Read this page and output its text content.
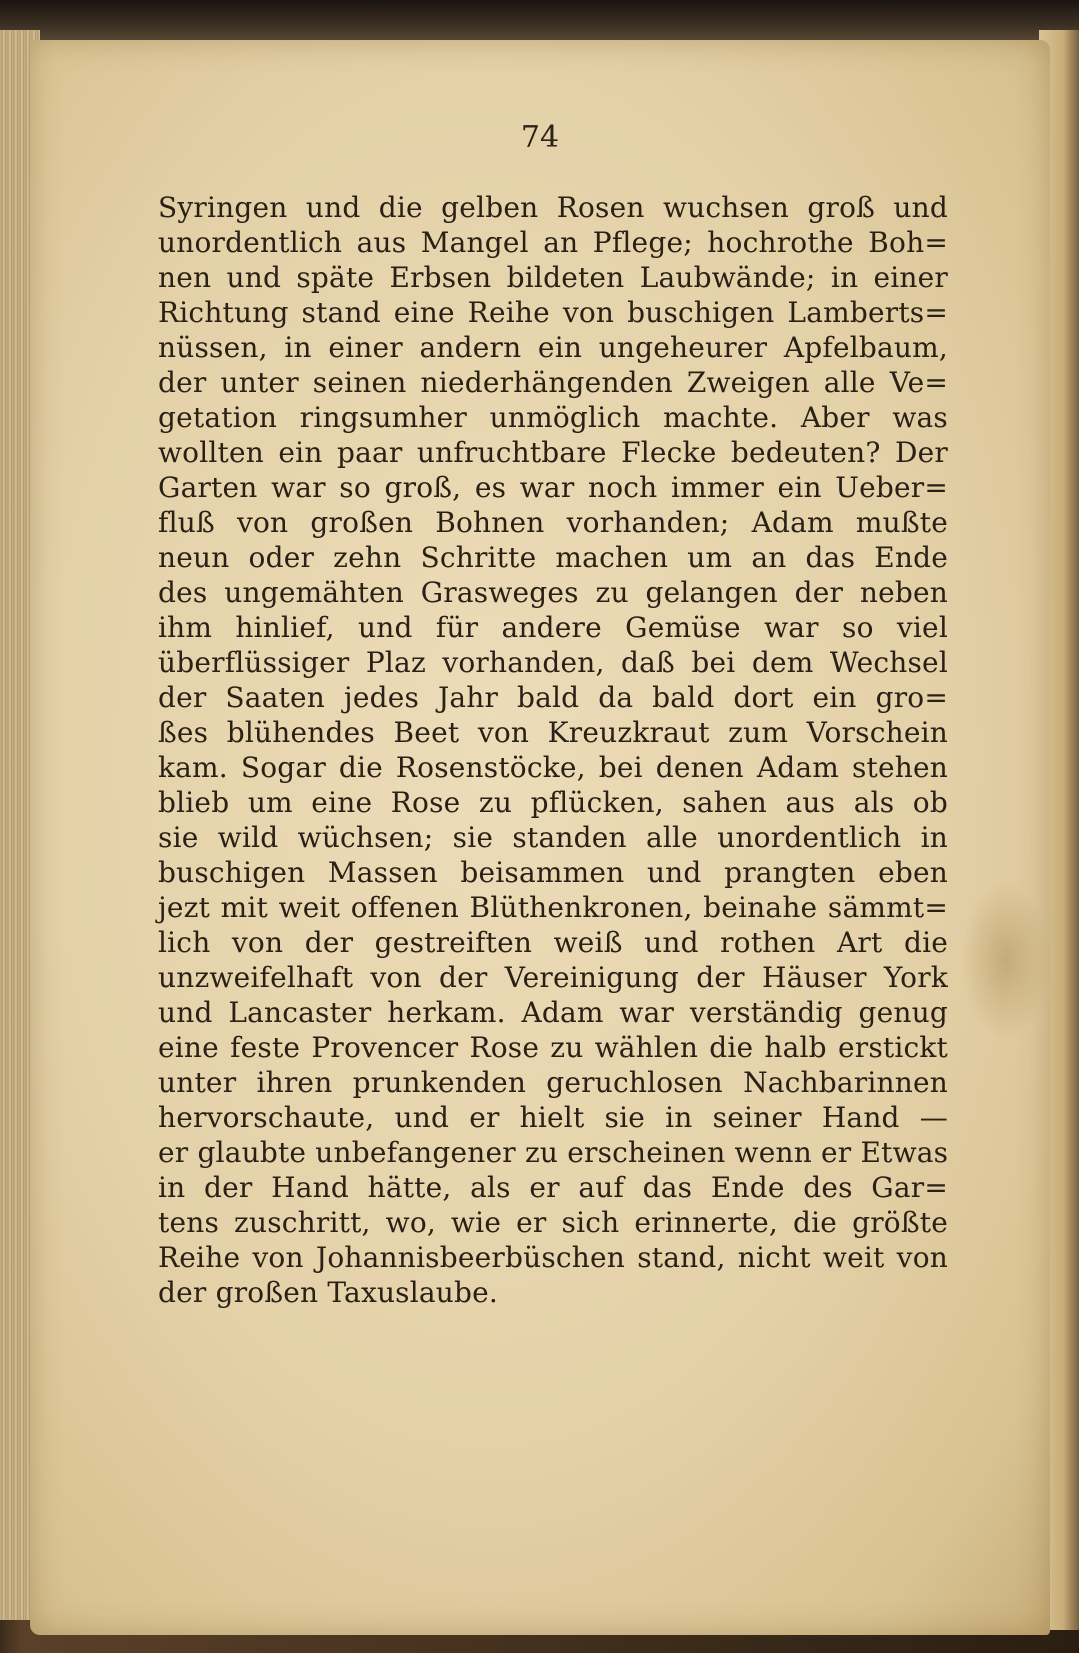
74
Syringen und die gelben Rosen wuchsen groß und
unordentlich aus Mangel an Pflege; hochrothe Boh=
nen und späte Erbsen bildeten Laubwände; in einer
Richtung stand eine Reihe von buschigen Lamberts=
nüssen, in einer andern ein ungeheurer Apfelbaum,
der unter seinen niederhängenden Zweigen alle Ve=
getation ringsumher unmöglich machte. Aber was
wollten ein paar unfruchtbare Flecke bedeuten? Der
Garten war so groß, es war noch immer ein Ueber=
fluß von großen Bohnen vorhanden; Adam mußte
neun oder zehn Schritte machen um an das Ende
des ungemähten Grasweges zu gelangen der neben
ihm hinlief, und für andere Gemüse war so viel
überflüssiger Plaz vorhanden, daß bei dem Wechsel
der Saaten jedes Jahr bald da bald dort ein gro=
ßes blühendes Beet von Kreuzkraut zum Vorschein
kam. Sogar die Rosenstöcke, bei denen Adam stehen
blieb um eine Rose zu pflücken, sahen aus als ob
sie wild wüchsen; sie standen alle unordentlich in
buschigen Massen beisammen und prangten eben
jezt mit weit offenen Blüthenkronen, beinahe sämmt=
lich von der gestreiften weiß und rothen Art die
unzweifelhaft von der Vereinigung der Häuser York
und Lancaster herkam. Adam war verständig genug
eine feste Provencer Rose zu wählen die halb erstickt
unter ihren prunkenden geruchlosen Nachbarinnen
hervorschaute, und er hielt sie in seiner Hand —
er glaubte unbefangener zu erscheinen wenn er Etwas
in der Hand hätte, als er auf das Ende des Gar=
tens zuschritt, wo, wie er sich erinnerte, die größte
Reihe von Johannisbeerbüschen stand, nicht weit von
der großen Taxuslaube.
